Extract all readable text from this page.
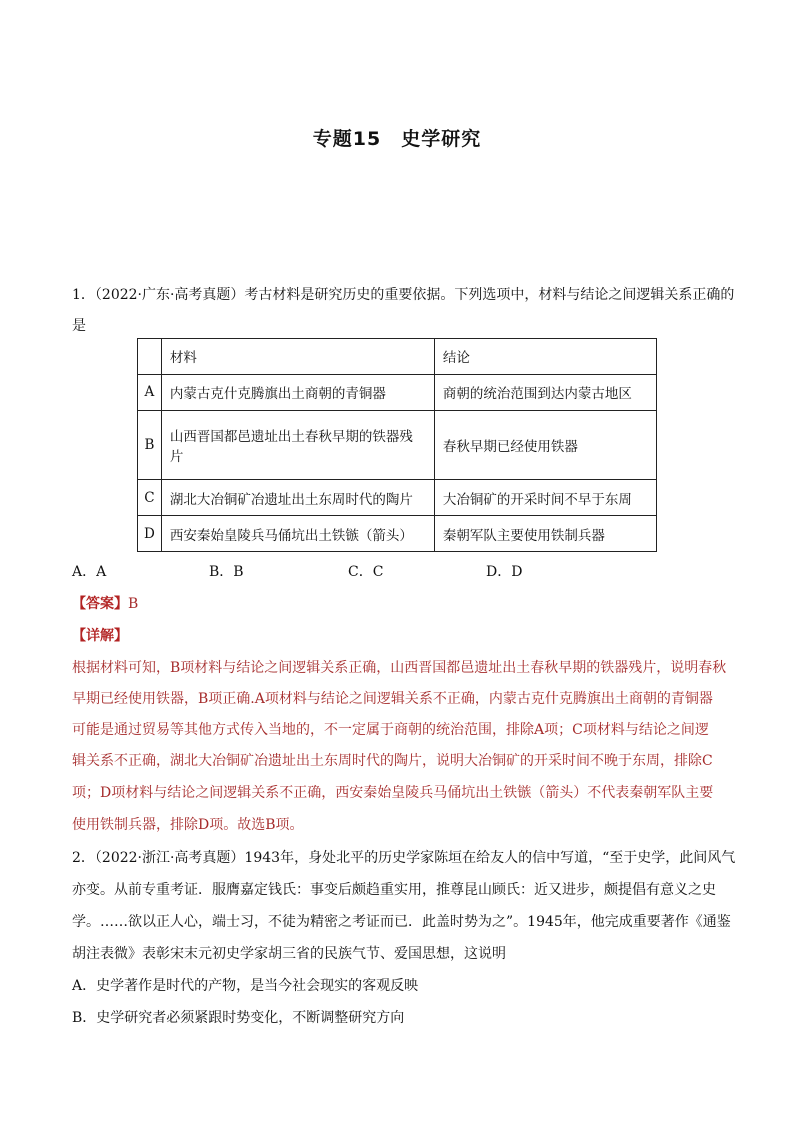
专题15　史学研究
1．（2022·广东·高考真题）考古材料是研究历史的重要依据。下列选项中，材料与结论之间逻辑关系正确的
是
	材料	结论
A	内蒙古克什克腾旗出土商朝的青铜器	商朝的统治范围到达内蒙古地区
B	山西晋国都邑遗址出土春秋早期的铁器残片	春秋早期已经使用铁器
C	湖北大冶铜矿冶遗址出土东周时代的陶片	大冶铜矿的开采时间不早于东周
D	西安秦始皇陵兵马俑坑出土铁镞（箭头）	秦朝军队主要使用铁制兵器
A．A	B．B	C．C	D．D
【答案】B
【详解】
根据材料可知，B项材料与结论之间逻辑关系正确，山西晋国都邑遗址出土春秋早期的铁器残片，说明春秋
早期已经使用铁器，B项正确.A项材料与结论之间逻辑关系不正确，内蒙古克什克腾旗出土商朝的青铜器
可能是通过贸易等其他方式传入当地的，不一定属于商朝的统治范围，排除A项；C项材料与结论之间逻
辑关系不正确，湖北大冶铜矿冶遗址出土东周时代的陶片，说明大冶铜矿的开采时间不晚于东周，排除C
项；D项材料与结论之间逻辑关系不正确，西安秦始皇陵兵马俑坑出土铁镞（箭头）不代表秦朝军队主要
使用铁制兵器，排除D项。故选B项。
2．（2022·浙江·高考真题）1943年，身处北平的历史学家陈垣在给友人的信中写道，“至于史学，此间风气
亦变。从前专重考证．服膺嘉定钱氏：事变后颇趋重实用，推尊昆山顾氏：近又进步，颇提倡有意义之史
学。……欲以正人心，端士习，不徒为精密之考证而已．此盖时势为之”。1945年，他完成重要著作《通鉴
胡注表微》表彰宋末元初史学家胡三省的民族气节、爱国思想，这说明
A．史学著作是时代的产物，是当今社会现实的客观反映
B．史学研究者必须紧跟时势变化，不断调整研究方向
